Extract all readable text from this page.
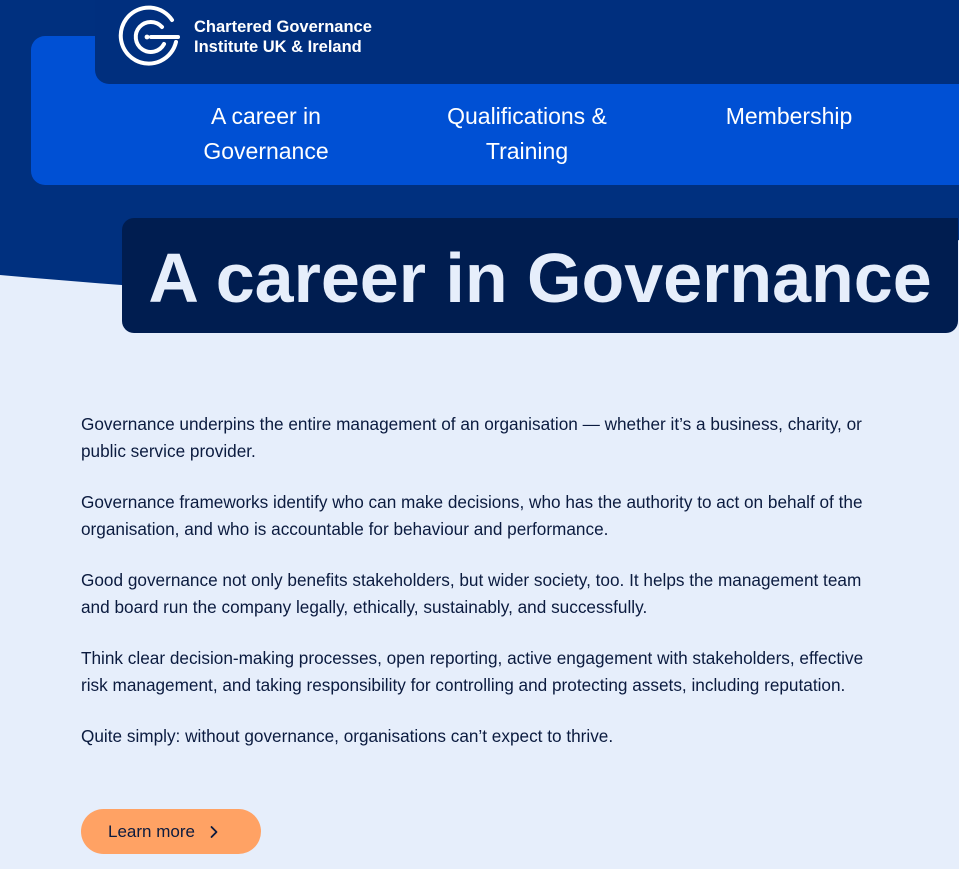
Chartered Governance
Institute UK & Ireland
A career in
Governance
Qualifications &
Training
Membership
A career in Governance

Governance underpins the entire management of an organisation — whether it’s a business, charity, or public service provider.

Governance frameworks identify who can make decisions, who has the authority to act on behalf of the organisation, and who is accountable for behaviour and performance.

Good governance not only benefits stakeholders, but wider society, too. It helps the management team and board run the company legally, ethically, sustainably, and successfully.

Think clear decision-making processes, open reporting, active engagement with stakeholders, effective risk management, and taking responsibility for controlling and protecting assets, including reputation.

Quite simply: without governance, organisations can’t expect to thrive.

Learn more
